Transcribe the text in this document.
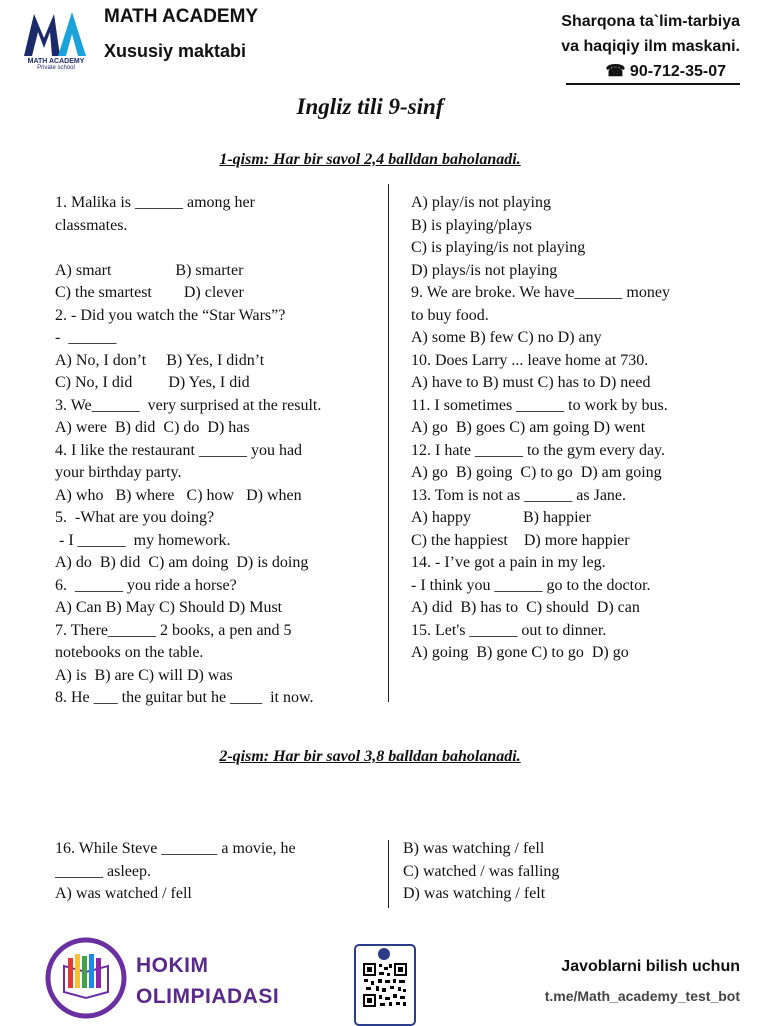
MATH ACADEMY
Private school
MATH ACADEMY
Xususiy maktabi
Sharqona ta`lim-tarbiya
va haqiqiy ilm maskani.
☎ 90-712-35-07
Ingliz tili 9-sinf
1-qism: Har bir savol 2,4 balldan baholanadi.
1. Malika is ______ among her
classmates.
A) smart                B) smarter
C) the smartest        D) clever
2. - Did you watch the “Star Wars”?
-  ______
A) No, I don’t     B) Yes, I didn’t
C) No, I did         D) Yes, I did
3. We______  very surprised at the result.
A) were  B) did  C) do  D) has
4. I like the restaurant ______ you had
your birthday party.
A) who   B) where   C) how   D) when
5.  -What are you doing?
- I ______  my homework.
A) do  B) did  C) am doing  D) is doing
6.  ______ you ride a horse?
A) Can B) May C) Should D) Must
7. There______ 2 books, a pen and 5
notebooks on the table.
A) is  B) are C) will D) was
8. He ___ the guitar but he ____  it now.
A) play/is not playing
B) is playing/plays
C) is playing/is not playing
D) plays/is not playing
9. We are broke. We have______ money
to buy food.
A) some B) few C) no D) any
10. Does Larry ... leave home at 730.
A) have to B) must C) has to D) need
11. I sometimes ______ to work by bus.
A) go  B) goes C) am going D) went
12. I hate ______ to the gym every day.
A) go  B) going  C) to go  D) am going
13. Tom is not as ______ as Jane.
A) happy             B) happier
C) the happiest    D) more happier
14. - I’ve got a pain in my leg.
- I think you ______ go to the doctor.
A) did  B) has to  C) should  D) can
15. Let's ______ out to dinner.
A) going  B) gone C) to go  D) go
2-qism: Har bir savol 3,8 balldan baholanadi.
16. While Steve _______ a movie, he
______ asleep.
A) was watched / fell
B) was watching / fell
C) watched / was falling
D) was watching / felt
HOKIM
OLIMPIADASI
Javoblarni bilish uchun
t.me/Math_academy_test_bot
